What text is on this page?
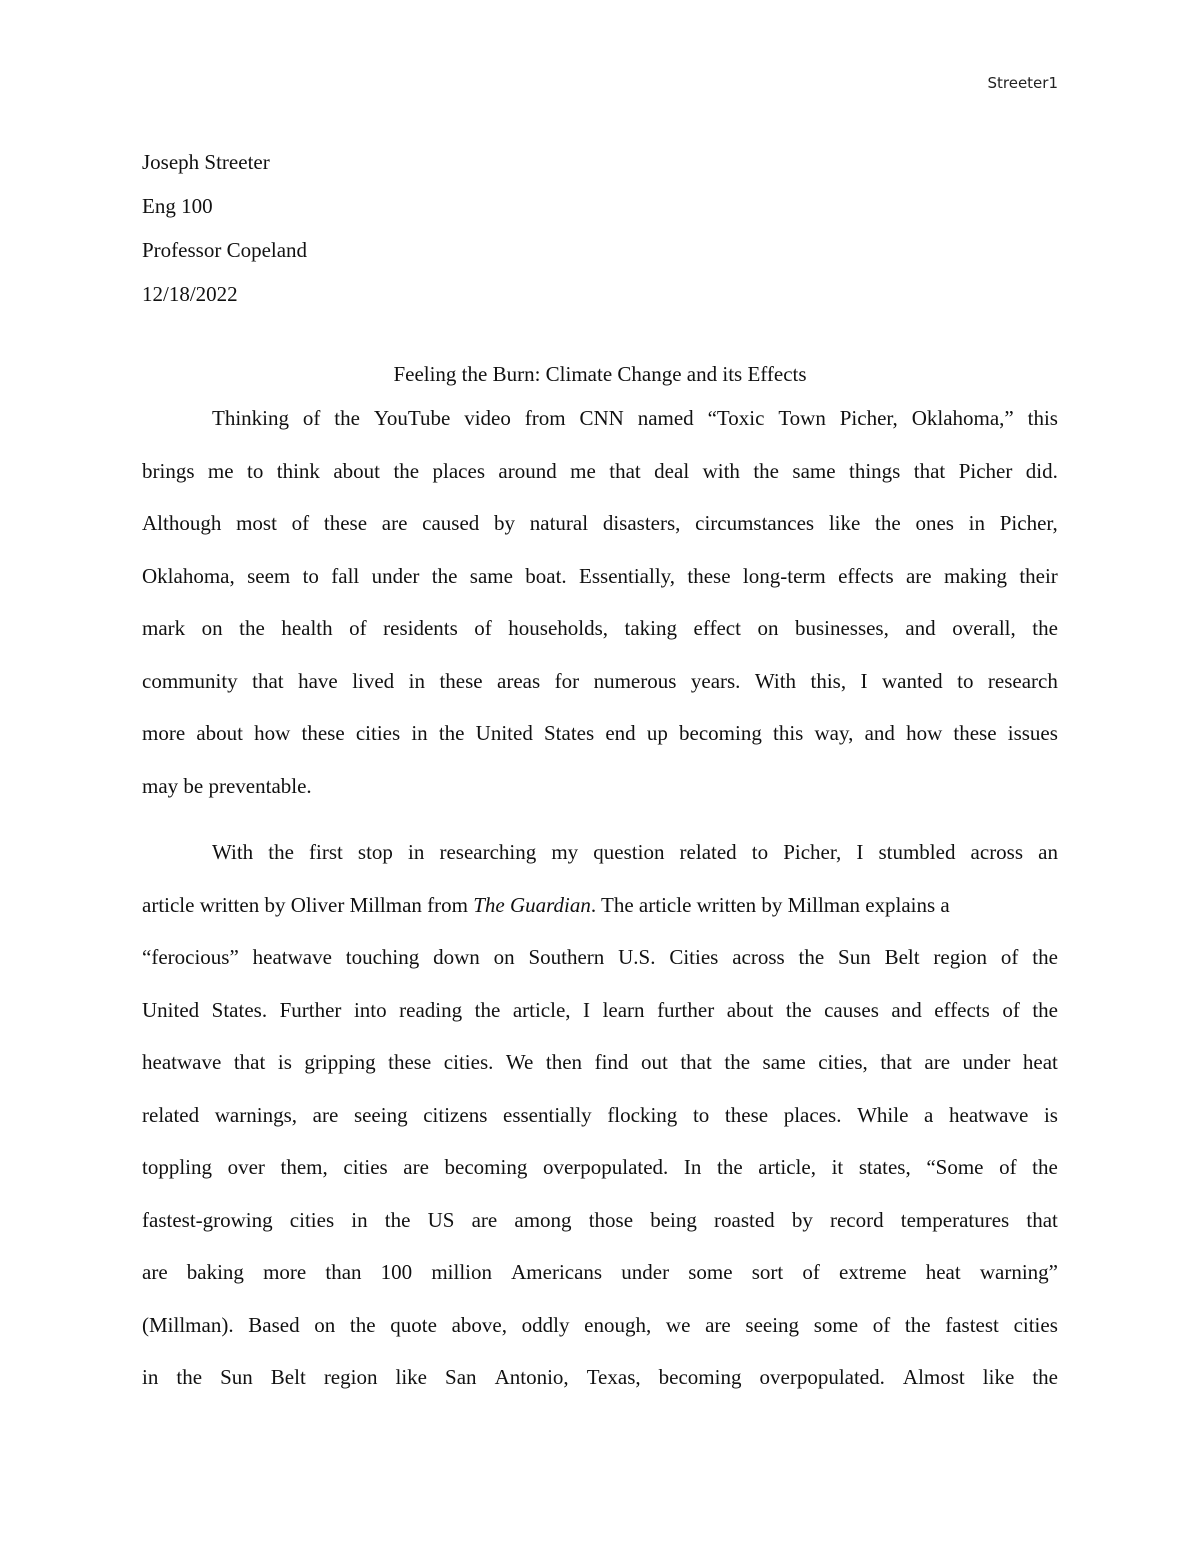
Streeter1
Joseph Streeter
Eng 100
Professor Copeland
12/18/2022
Feeling the Burn: Climate Change and its Effects
Thinking of the YouTube video from CNN named “Toxic Town Picher, Oklahoma,” this
brings me to think about the places around me that deal with the same things that Picher did.
Although most of these are caused by natural disasters, circumstances like the ones in Picher,
Oklahoma, seem to fall under the same boat. Essentially, these long-term effects are making their
mark on the health of residents of households, taking effect on businesses, and overall, the
community that have lived in these areas for numerous years. With this, I wanted to research
more about how these cities in the United States end up becoming this way, and how these issues
may be preventable.
With the first stop in researching my question related to Picher, I stumbled across an
article written by Oliver Millman from The Guardian . The article written by Millman explains a
“ferocious” heatwave touching down on Southern U.S. Cities across the Sun Belt region of the
United States. Further into reading the article, I learn further about the causes and effects of the
heatwave that is gripping these cities. We then find out that the same cities, that are under heat
related warnings, are seeing citizens essentially flocking to these places. While a heatwave is
toppling over them, cities are becoming overpopulated. In the article, it states, “Some of the
fastest-growing cities in the US are among those being roasted by record temperatures that
are baking more than 100 million Americans under some sort of extreme heat warning”
(Millman). Based on the quote above, oddly enough, we are seeing some of the fastest cities
in the Sun Belt region like San Antonio, Texas, becoming overpopulated. Almost like the
